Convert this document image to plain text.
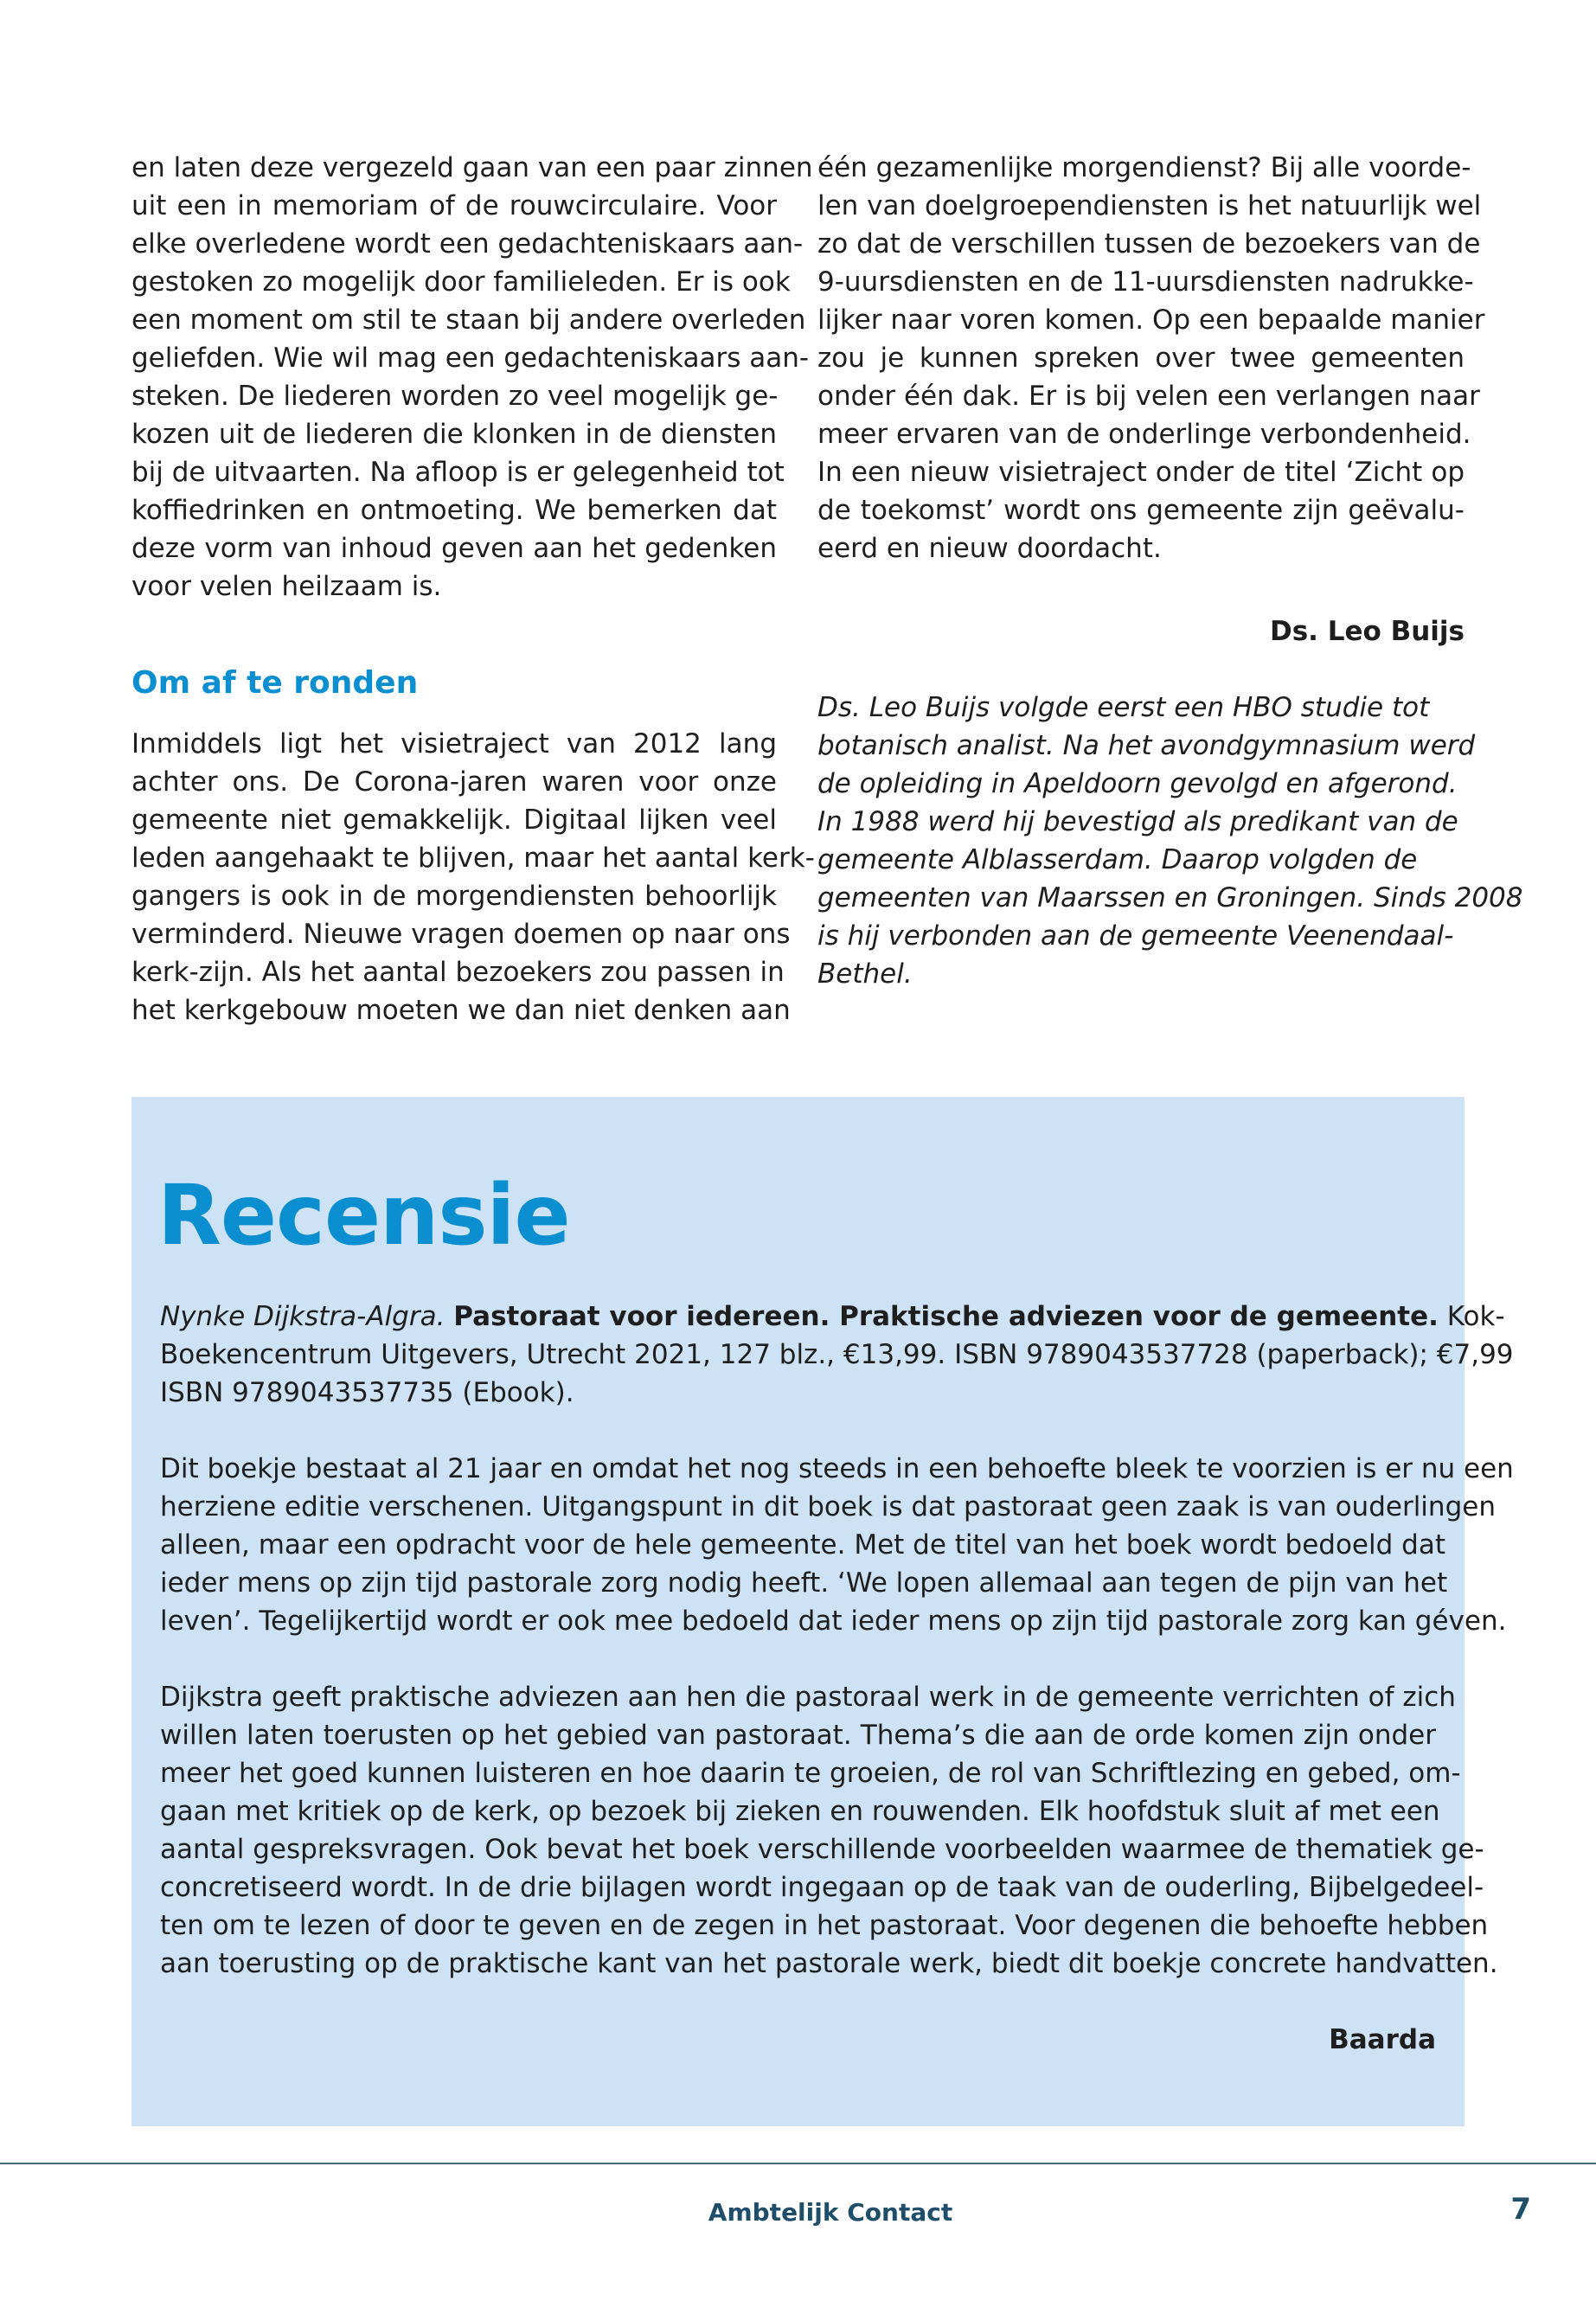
en laten deze vergezeld gaan van een paar zinnen

uit een in memoriam of de rouwcirculaire. Voor

elke overledene wordt een gedachteniskaars aan-

gestoken zo mogelijk door familieleden. Er is ook

een moment om stil te staan bij andere overleden

geliefden. Wie wil mag een gedachteniskaars aan-

steken. De liederen worden zo veel mogelijk ge-

kozen uit de liederen die klonken in de diensten

bij de uitvaarten. Na afloop is er gelegenheid tot

koffiedrinken en ontmoeting. We bemerken dat

deze vorm van inhoud geven aan het gedenken

voor velen heilzaam is.

Om af te ronden

Inmiddels ligt het visietraject van 2012 lang

achter ons. De Corona-jaren waren voor onze

gemeente niet gemakkelijk. Digitaal lijken veel

leden aangehaakt te blijven, maar het aantal kerk-

gangers is ook in de morgendiensten behoorlijk

verminderd. Nieuwe vragen doemen op naar ons

kerk-zijn. Als het aantal bezoekers zou passen in

het kerkgebouw moeten we dan niet denken aan

één gezamenlijke morgendienst? Bij alle voorde-

len van doelgroependiensten is het natuurlijk wel

zo dat de verschillen tussen de bezoekers van de

9-uursdiensten en de 11-uursdiensten nadrukke-

lijker naar voren komen. Op een bepaalde manier

zou je kunnen spreken over twee gemeenten

onder één dak. Er is bij velen een verlangen naar

meer ervaren van de onderlinge verbondenheid.

In een nieuw visietraject onder de titel ‘Zicht op

de toekomst’ wordt ons gemeente zijn geëvalu-

eerd en nieuw doordacht.

Ds. Leo Buijs

Ds. Leo Buijs volgde eerst een HBO studie tot

botanisch analist. Na het avondgymnasium werd

de opleiding in Apeldoorn gevolgd en afgerond.

In 1988 werd hij bevestigd als predikant van de

gemeente Alblasserdam. Daarop volgden de

gemeenten van Maarssen en Groningen. Sinds 2008

is hij verbonden aan de gemeente Veenendaal-

Bethel.

Recensie

Nynke Dijkstra-Algra. Pastoraat voor iedereen. Praktische adviezen voor de gemeente. Kok-

Boekencentrum Uitgevers, Utrecht 2021, 127 blz., €13,99. ISBN 9789043537728 (paperback); €7,99

ISBN 9789043537735 (Ebook).

Dit boekje bestaat al 21 jaar en omdat het nog steeds in een behoefte bleek te voorzien is er nu een

herziene editie verschenen. Uitgangspunt in dit boek is dat pastoraat geen zaak is van ouderlingen

alleen, maar een opdracht voor de hele gemeente. Met de titel van het boek wordt bedoeld dat

ieder mens op zijn tijd pastorale zorg nodig heeft. ‘We lopen allemaal aan tegen de pijn van het

leven’. Tegelijkertijd wordt er ook mee bedoeld dat ieder mens op zijn tijd pastorale zorg kan géven.

Dijkstra geeft praktische adviezen aan hen die pastoraal werk in de gemeente verrichten of zich

willen laten toerusten op het gebied van pastoraat. Thema’s die aan de orde komen zijn onder

meer het goed kunnen luisteren en hoe daarin te groeien, de rol van Schriftlezing en gebed, om-

gaan met kritiek op de kerk, op bezoek bij zieken en rouwenden. Elk hoofdstuk sluit af met een

aantal gespreksvragen. Ook bevat het boek verschillende voorbeelden waarmee de thematiek ge-

concretiseerd wordt. In de drie bijlagen wordt ingegaan op de taak van de ouderling, Bijbelgedeel-

ten om te lezen of door te geven en de zegen in het pastoraat. Voor degenen die behoefte hebben

aan toerusting op de praktische kant van het pastorale werk, biedt dit boekje concrete handvatten.

Baarda

Ambtelijk Contact	7
